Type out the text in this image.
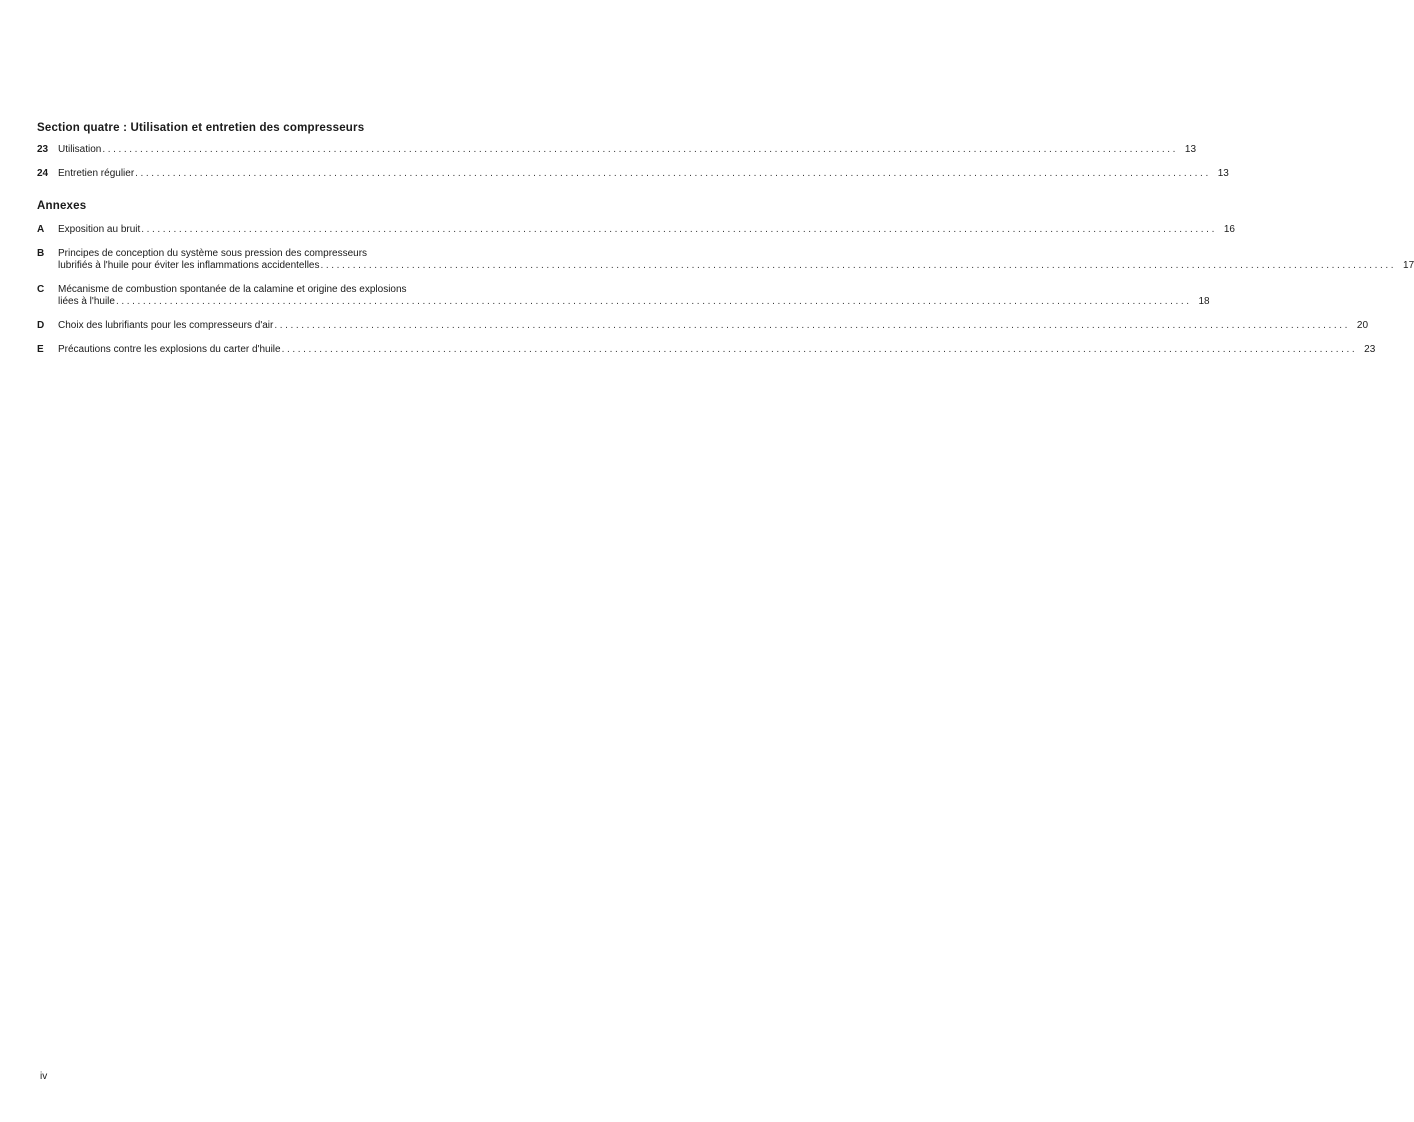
Section quatre : Utilisation et entretien des compresseurs
23 Utilisation ........................................................................................................................................................................................................ 13
24 Entretien régulier ........................................................................................................................................................................................................ 13
Annexes
A	Exposition au bruit ........................................................................................................................................................................................................ 16
B	Principes de conception du système sous pression des compresseurs
lubrifiés à l'huile pour éviter les inflammations accidentelles ........................................................................................................................................................................................................ 17
C	Mécanisme de combustion spontanée de la calamine et origine des explosions
liées à l'huile ........................................................................................................................................................................................................ 18
D	Choix des lubrifiants pour les compresseurs d'air ........................................................................................................................................................................................................ 20
E	Précautions contre les explosions du carter d'huile ........................................................................................................................................................................................................ 23
iv
